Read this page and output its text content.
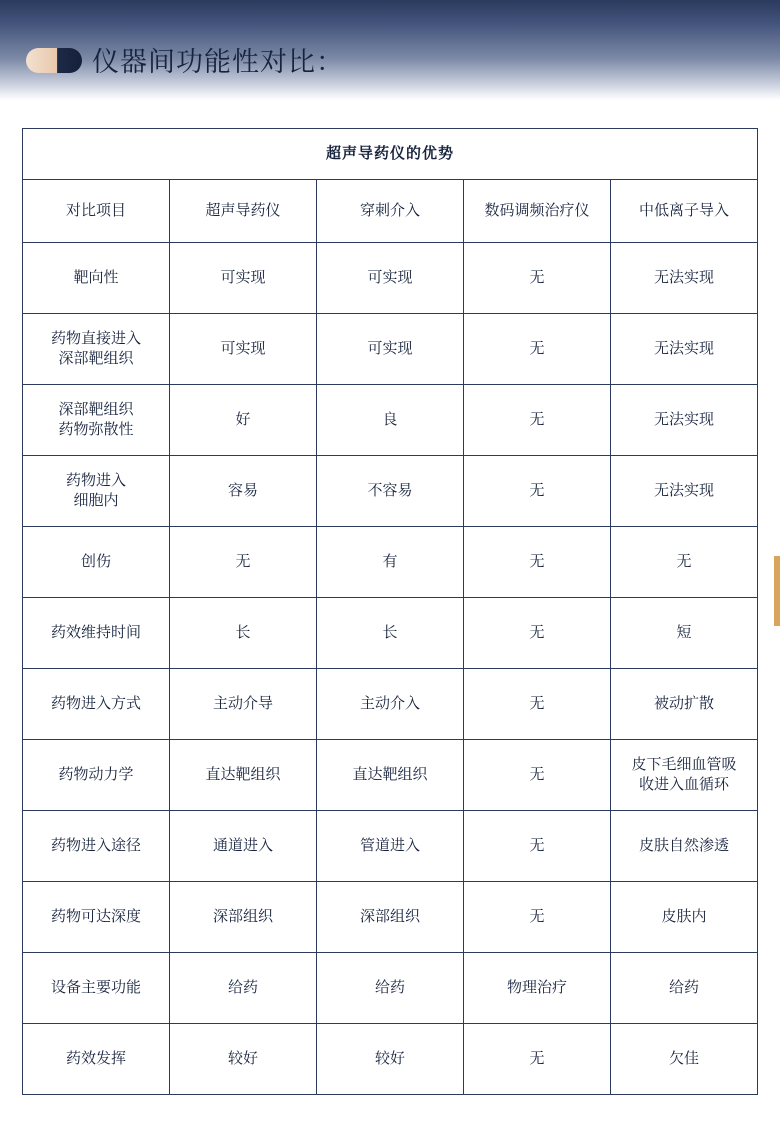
仪器间功能性对比：
超声导药仪的优势				
对比项目	超声导药仪	穿刺介入	数码调频治疗仪	中低离子导入
靶向性	可实现	可实现	无	无法实现
药物直接进入
深部靶组织	可实现	可实现	无	无法实现
深部靶组织
药物弥散性	好	良	无	无法实现
药物进入
细胞内	容易	不容易	无	无法实现
创伤	无	有	无	无
药效维持时间	长	长	无	短
药物进入方式	主动介导	主动介入	无	被动扩散
药物动力学	直达靶组织	直达靶组织	无	皮下毛细血管吸
收进入血循环
药物进入途径	通道进入	管道进入	无	皮肤自然渗透
药物可达深度	深部组织	深部组织	无	皮肤内
设备主要功能	给药	给药	物理治疗	给药
药效发挥	较好	较好	无	欠佳
